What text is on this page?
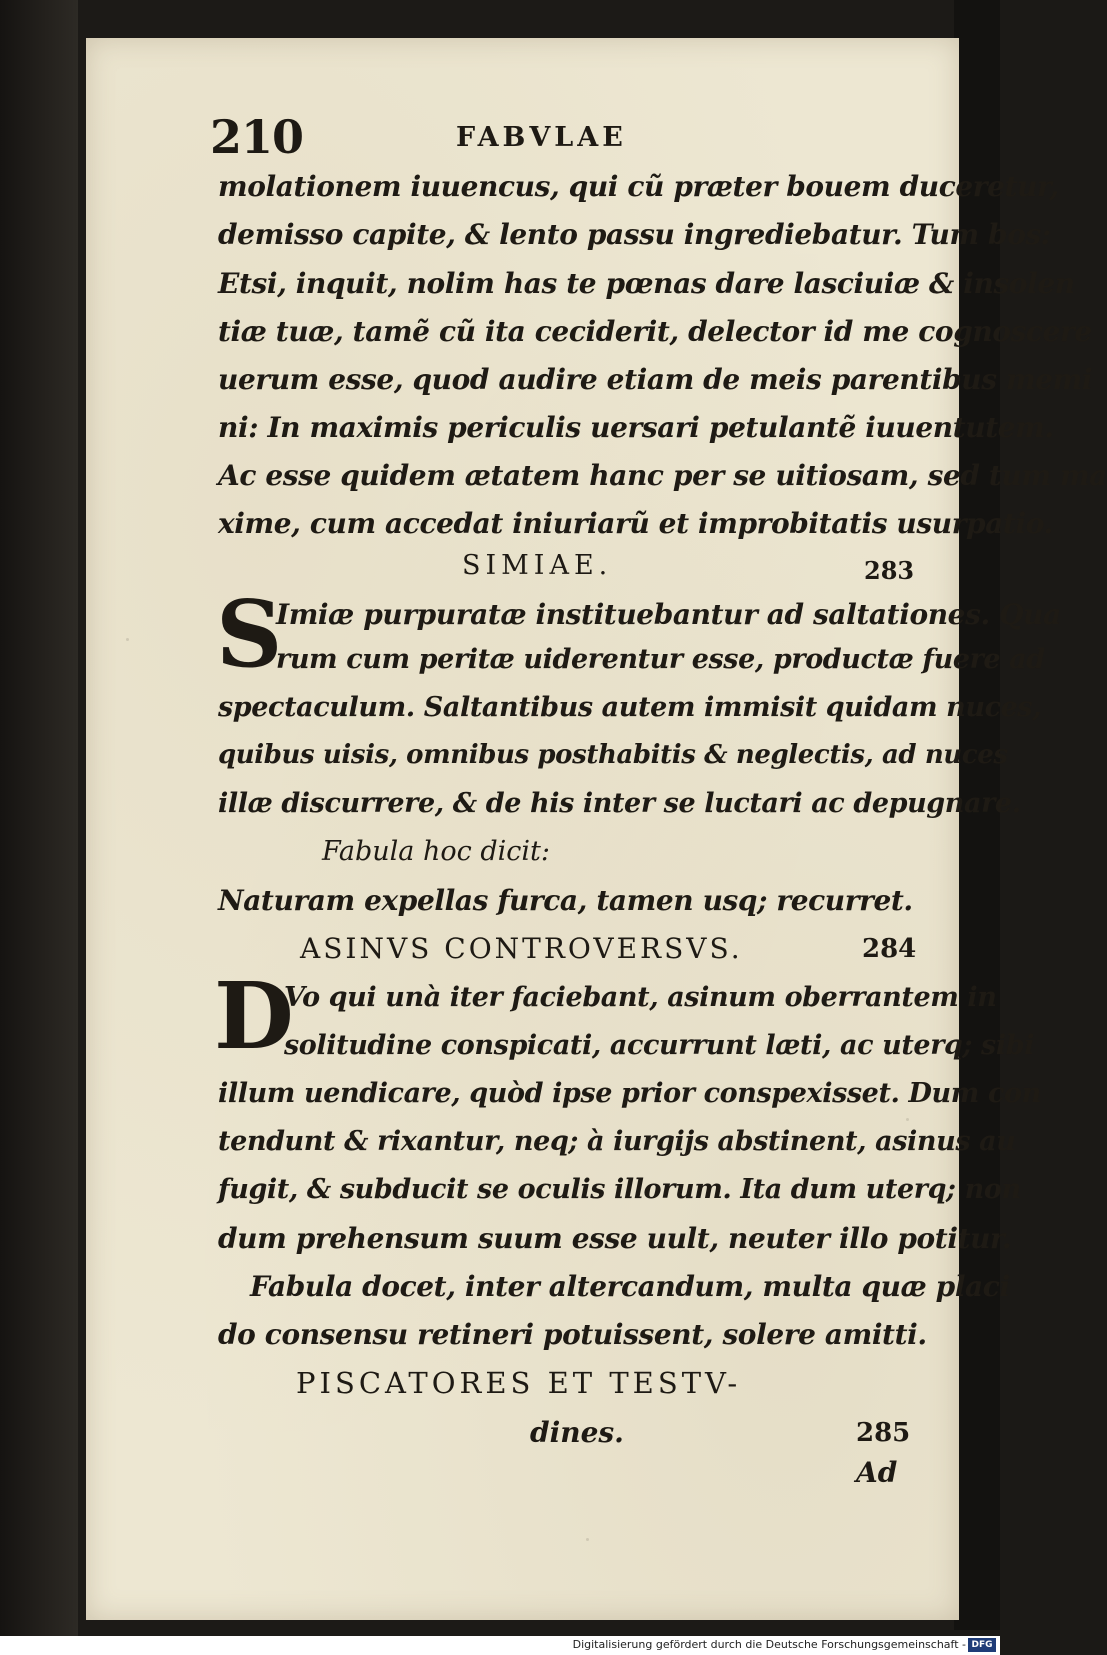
210	FABVLAE
molationem iuuencus, qui cũ præter bouem duceretur,
demisso capite, & lento passu ingrediebatur. Tum bos:
Etsi, inquit, nolim has te pœnas dare lasciuiæ & insolen
tiæ tuæ, tamẽ cũ ita ceciderit, delector id me cognoscere
uerum esse, quod audire etiam de meis parentibus memi
ni: In maximis periculis uersari petulantẽ iuuentutem.
Ac esse quidem ætatem hanc per se uitiosam, sed tum ma
xime, cum accedat iniuriarũ et improbitatis usurpatio.
SIMIAE.	283
S
Imiæ purpuratæ instituebantur ad saltationes. Qua
rum cum peritæ uiderentur esse, productæ fuere ad
spectaculum. Saltantibus autem immisit quidam nuces,
quibus uisis, omnibus posthabitis & neglectis, ad nuces
illæ discurrere, & de his inter se luctari ac depugnare.
Fabula hoc dicit:
Naturam expellas furca, tamen usq; recurret.
ASINVS CONTROVERSVS.	284
D
Vo qui unà iter faciebant, asinum oberrantem in
solitudine conspicati, accurrunt læti, ac uterq; sibi
illum uendicare, quòd ipse prior conspexisset. Dum con
tendunt & rixantur, neq; à iurgijs abstinent, asinus au
fugit, & subducit se oculis illorum. Ita dum uterq; non
dum prehensum suum esse uult, neuter illo potitur.
Fabula docet, inter altercandum, multa quæ placi
do consensu retineri potuissent, solere amitti.
PISCATORES ET TESTV-
dines.	285
Ad
Digitalisierung gefördert durch die Deutsche Forschungsgemeinschaft - DFG
